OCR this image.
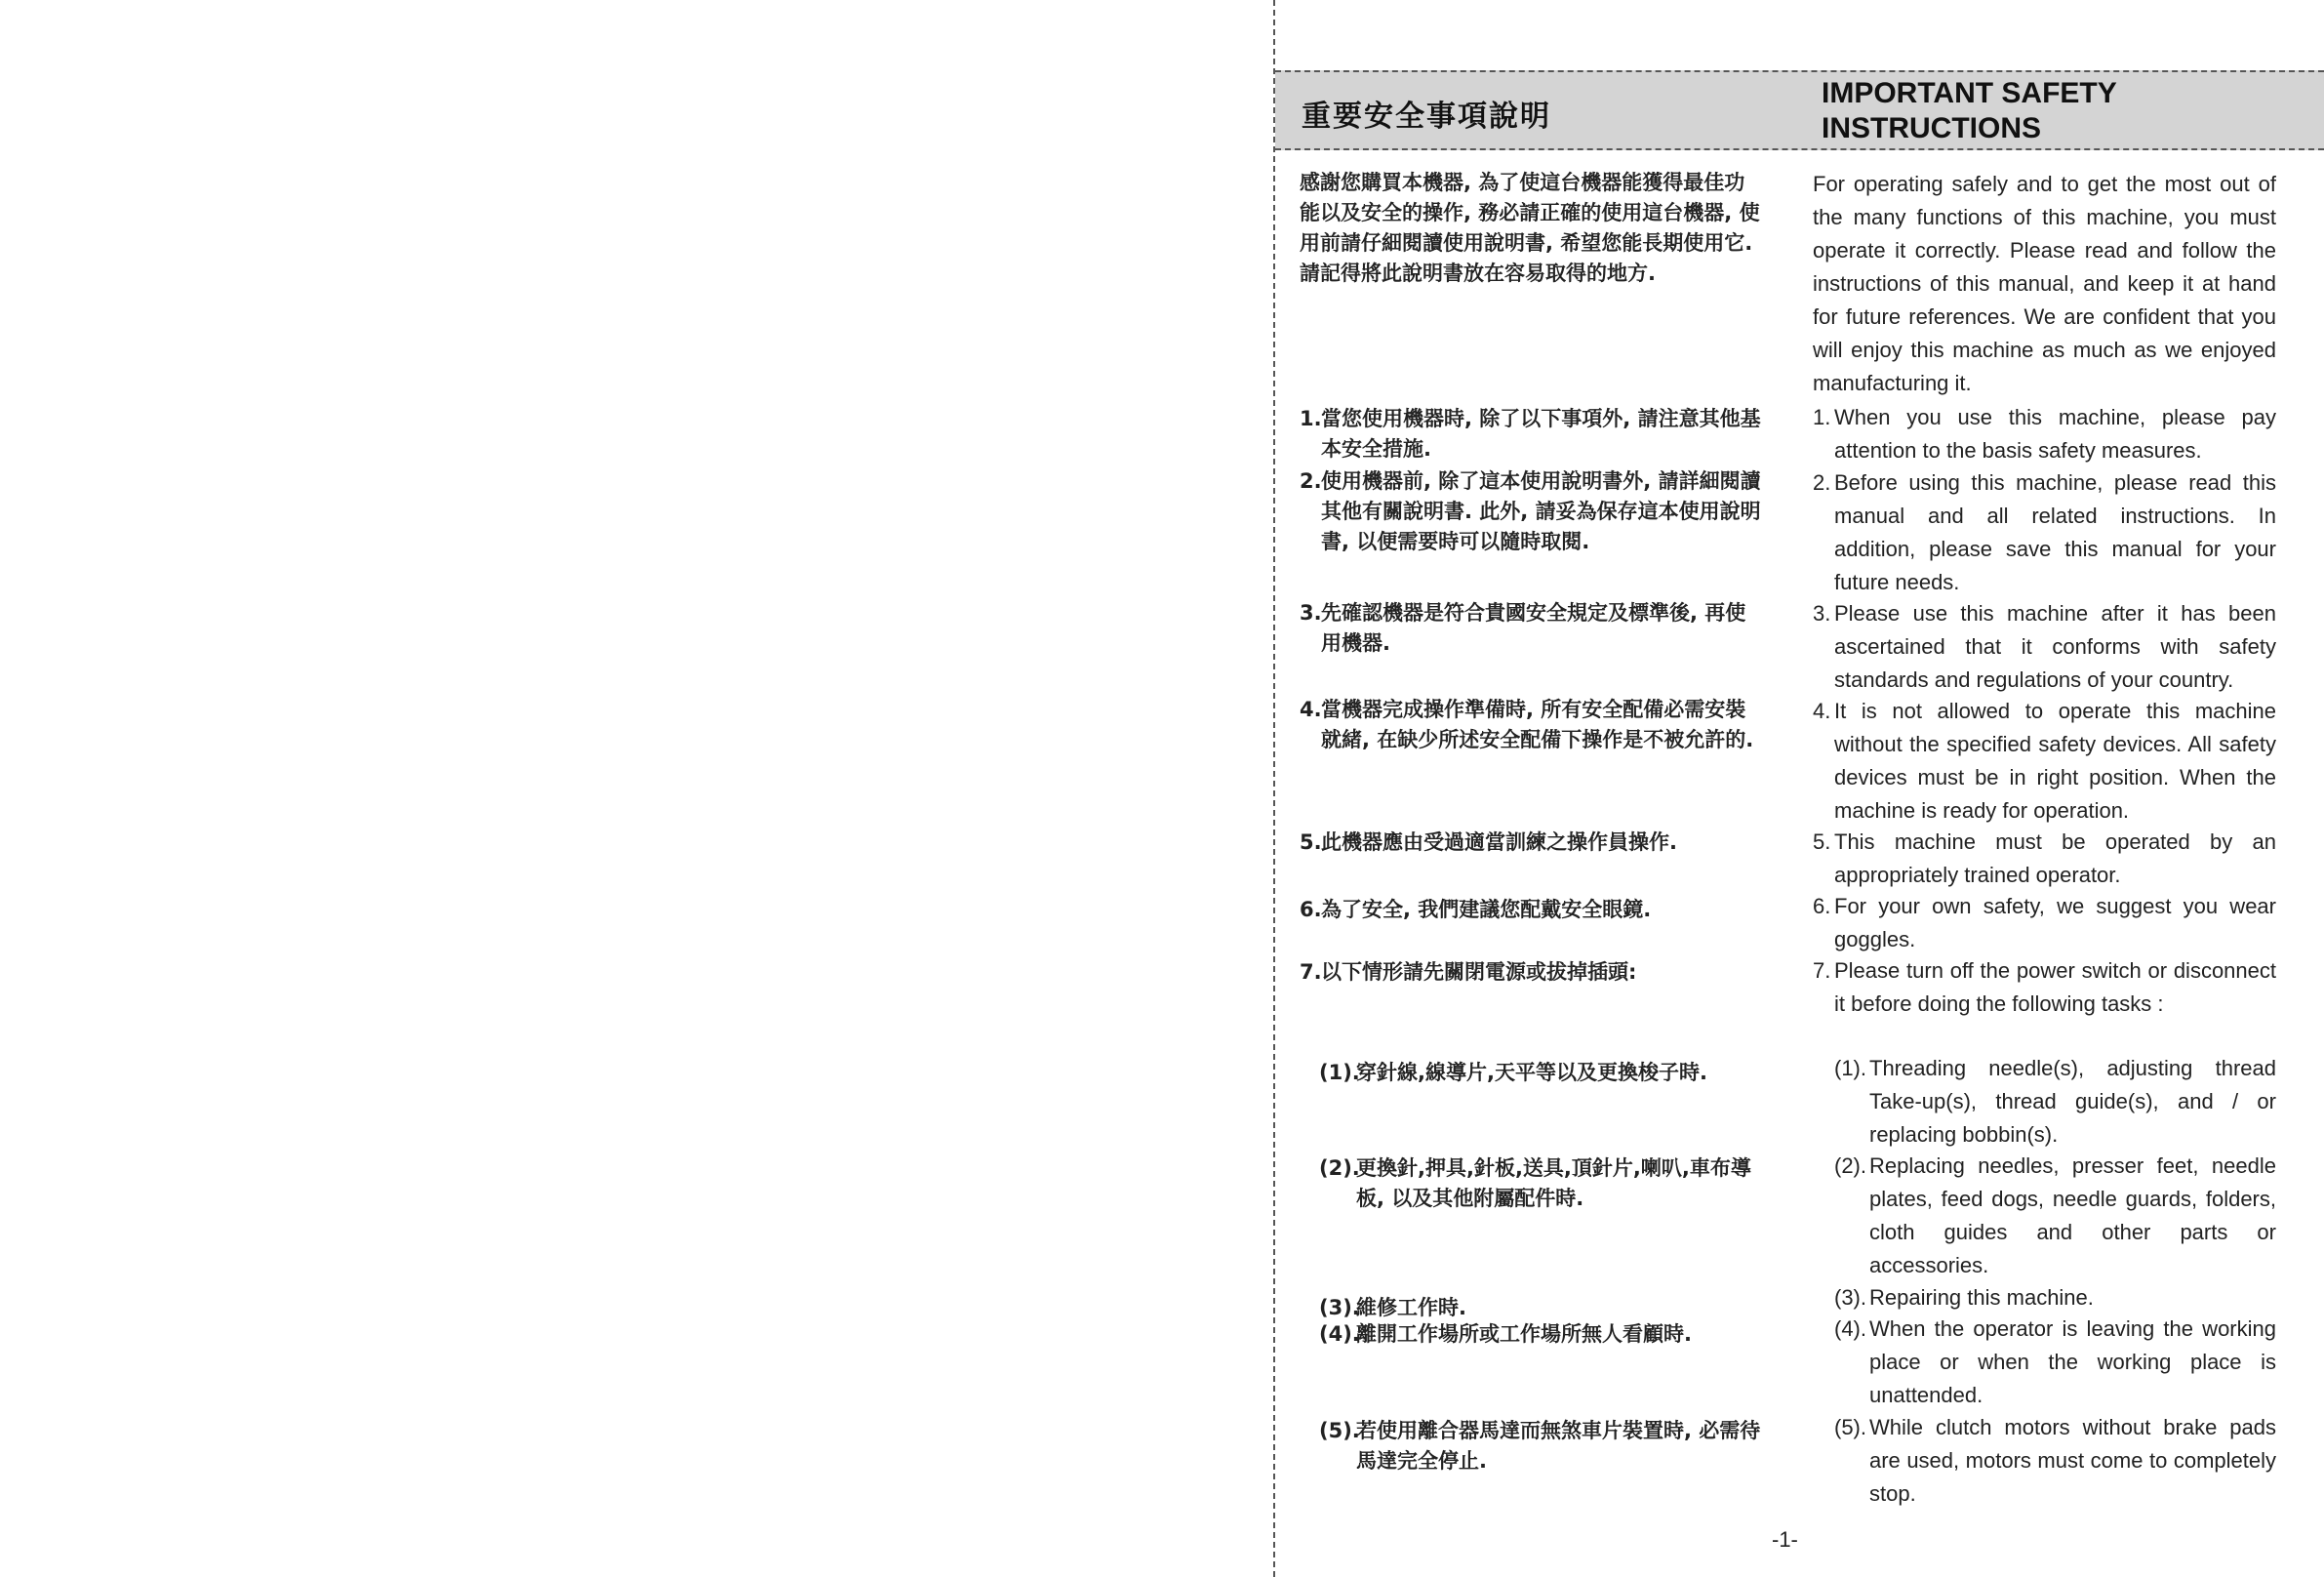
重要安全事項說明
IMPORTANT SAFETY INSTRUCTIONS
感謝您購買本機器, 為了使這台機器能獲得最佳功能以及安全的操作, 務必請正確的使用這台機器, 使用前請仔細閱讀使用說明書, 希望您能長期使用它. 請記得將此說明書放在容易取得的地方.
For operating safely and to get the most out of the many functions of this machine, you must operate it correctly. Please read and follow the instructions of this manual, and keep it at hand for future references. We are confident that you will enjoy this machine as much as we enjoyed manufacturing it.
1. 當您使用機器時, 除了以下事項外, 請注意其他基本安全措施.
2. 使用機器前, 除了這本使用說明書外, 請詳細閱讀其他有關說明書. 此外, 請妥為保存這本使用說明書, 以便需要時可以隨時取閱.
3. 先確認機器是符合貴國安全規定及標準後, 再使用機器.
4. 當機器完成操作準備時, 所有安全配備必需安裝就緒, 在缺少所述安全配備下操作是不被允許的.
5. 此機器應由受過適當訓練之操作員操作.
6. 為了安全, 我們建議您配戴安全眼鏡.
7. 以下情形請先關閉電源或拔掉插頭:
(1).
穿針線,線導片,天平等以及更換梭子時.
(2).
更換針,押具,針板,送具,頂針片,喇叭,車布導板, 以及其他附屬配件時.
(3).
維修工作時.
(4).
離開工作場所或工作場所無人看顧時.
(5).
若使用離合器馬達而無煞車片裝置時, 必需待馬達完全停止.
1. When you use this machine, please pay attention to the basis safety measures.
2. Before using this machine, please read this manual and all related instructions. In addition, please save this manual for your future needs.
3. Please use this machine after it has been ascertained that it conforms with safety standards and regulations of your country.
4. It is not allowed to operate this machine without the specified safety devices. All safety devices must be in right position. When the machine is ready for operation.
5. This machine must be operated by an appropriately trained operator.
6. For your own safety, we suggest you wear goggles.
7. Please turn off the power switch or disconnect it before doing the following tasks :
(1). Threading needle(s), adjusting thread Take-up(s), thread guide(s), and / or replacing bobbin(s).
(2). Replacing needles, presser feet, needle plates, feed dogs, needle guards, folders, cloth guides and other parts or accessories.
(3). Repairing this machine.
(4). When the operator is leaving the working place or when the working place is unattended.
(5). While clutch motors without brake pads are used, motors must come to completely stop.
-1-
